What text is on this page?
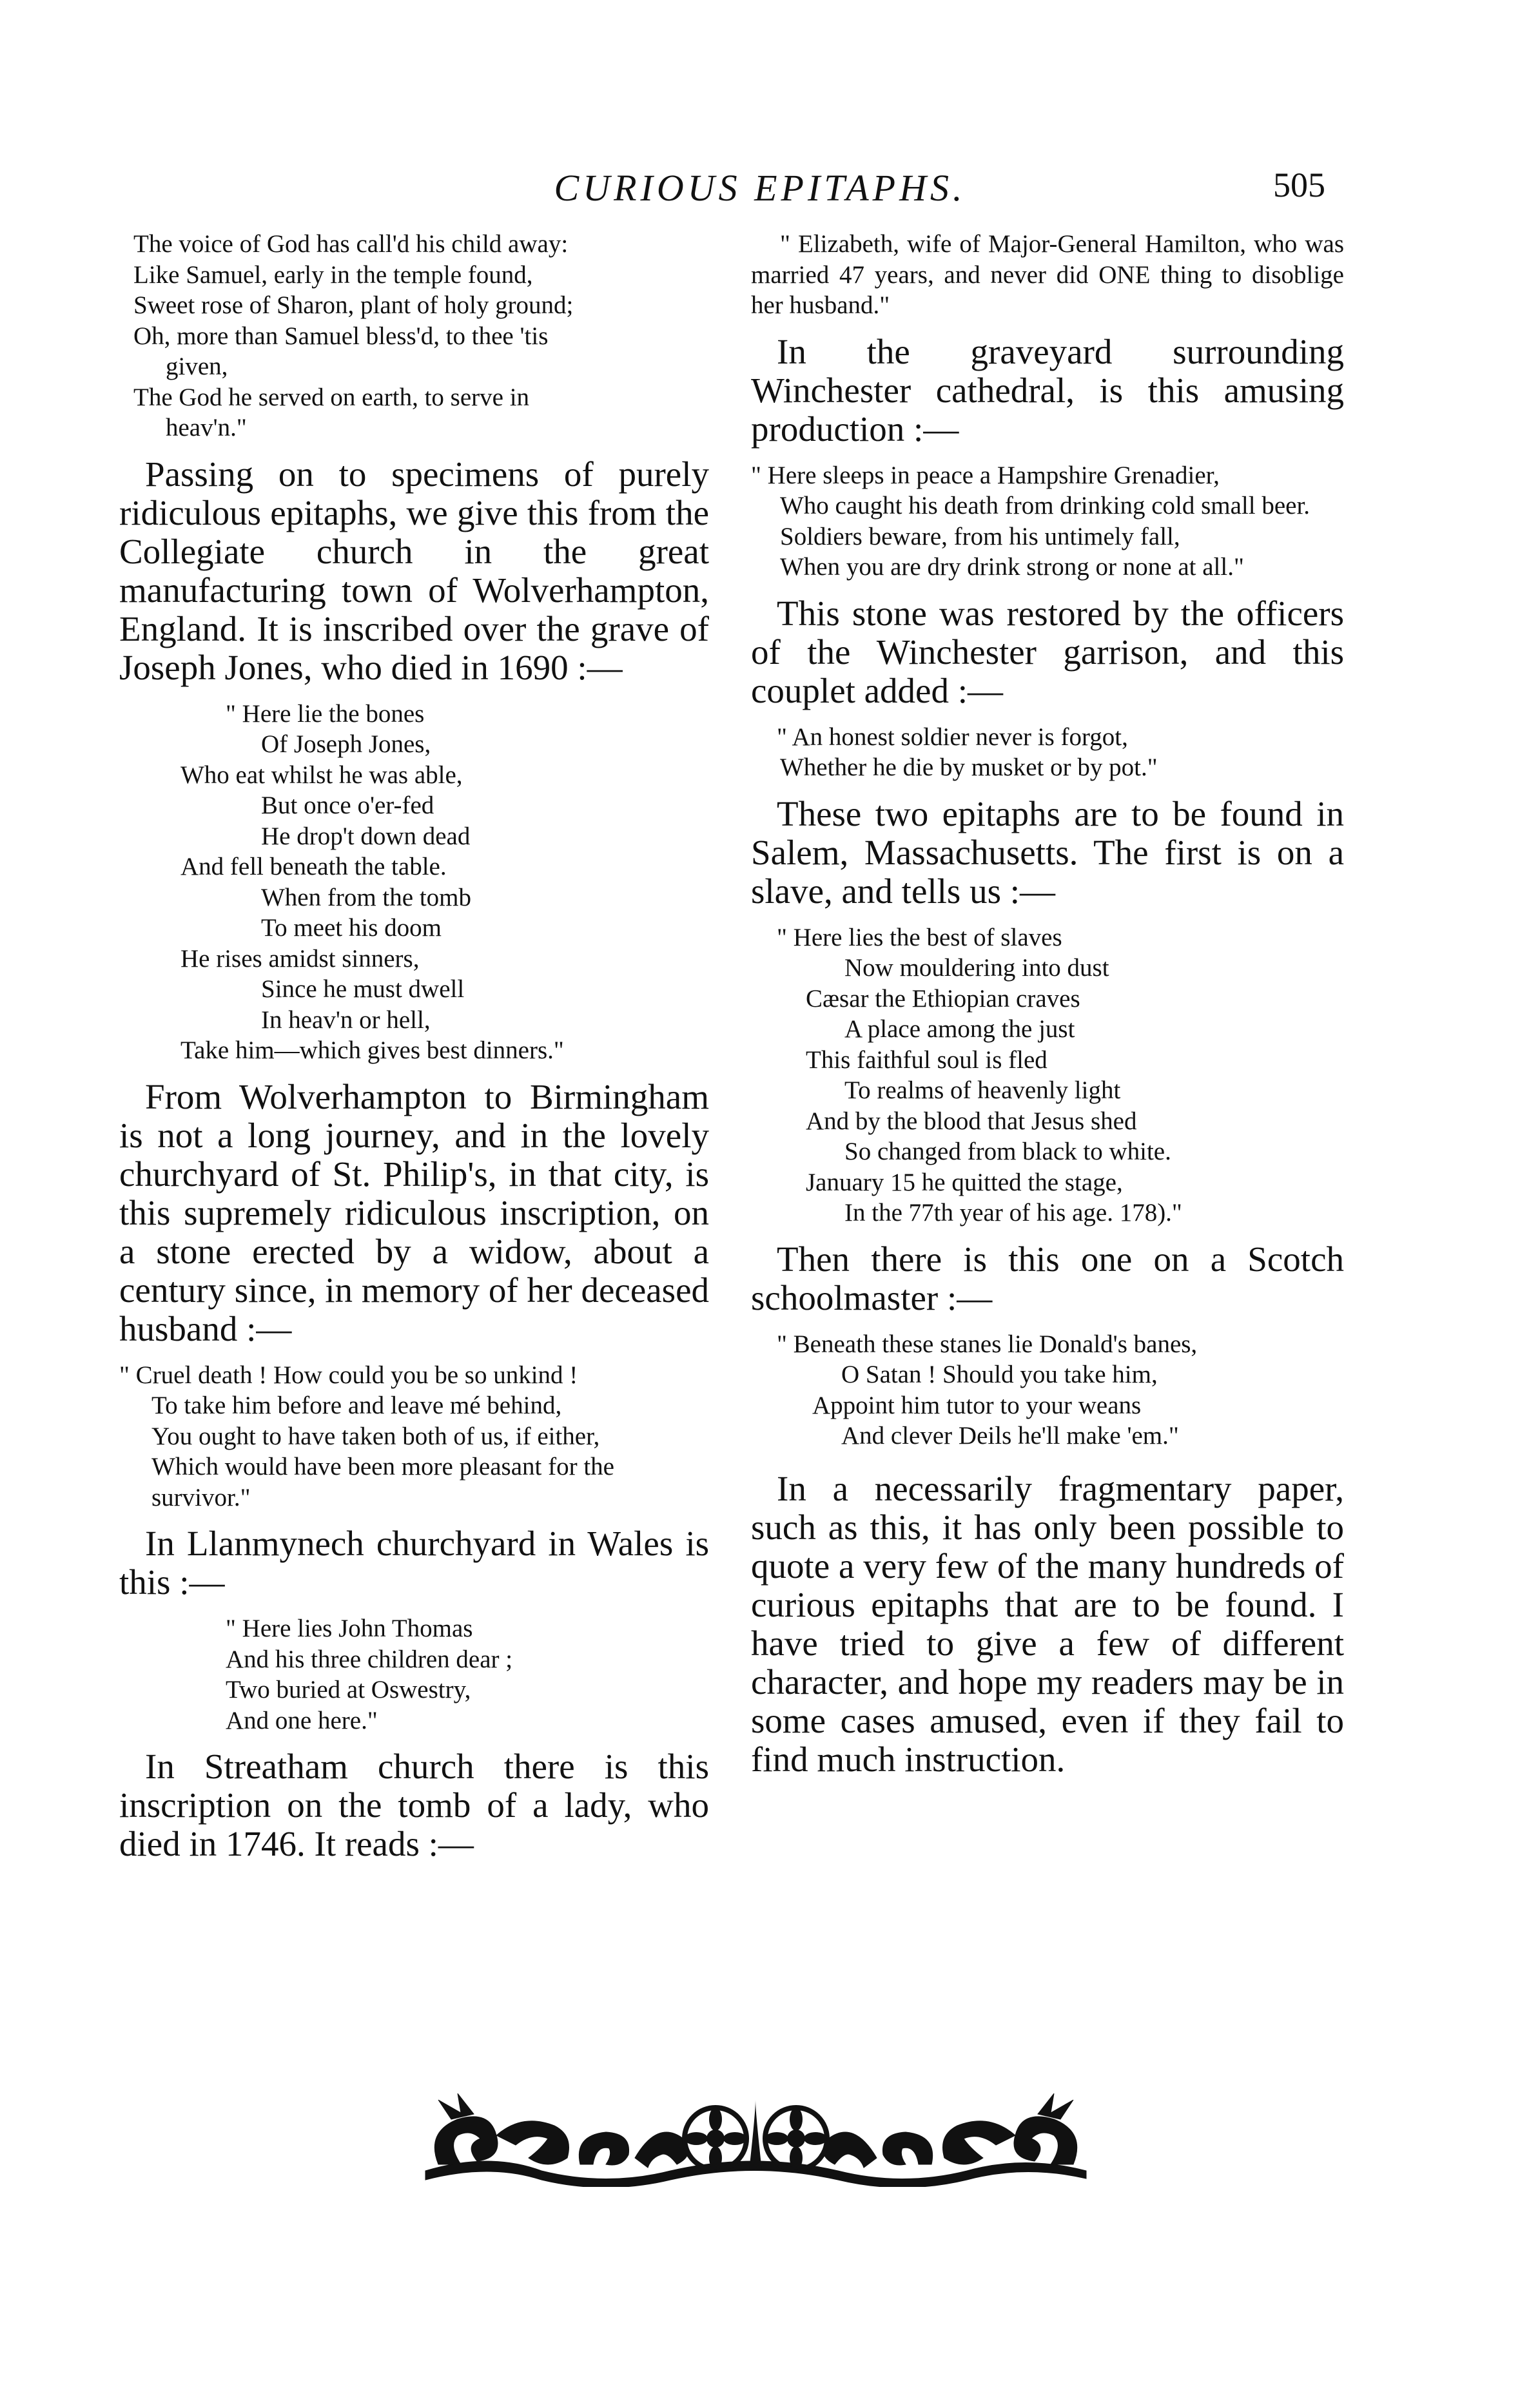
CURIOUS EPITAPHS.	505
The voice of God has call'd his child away:
Like Samuel, early in the temple found,
Sweet rose of Sharon, plant of holy ground;
Oh, more than Samuel bless'd, to thee 'tis
given,
The God he served on earth, to serve in
heav'n."

Passing on to specimens of purely ridiculous epitaphs, we give this from the Collegiate church in the great manufacturing town of Wolverhampton, England. It is inscribed over the grave of Joseph Jones, who died in 1690 :—

" Here lie the bones
Of Joseph Jones,
Who eat whilst he was able,
But once o'er-fed
He drop't down dead
And fell beneath the table.
When from the tomb
To meet his doom
He rises amidst sinners,
Since he must dwell
In heav'n or hell,
Take him—which gives best dinners."

From Wolverhampton to Birmingham is not a long journey, and in the lovely churchyard of St. Philip's, in that city, is this supremely ridiculous inscription, on a stone erected by a widow, about a century since, in memory of her deceased husband :—

" Cruel death ! How could you be so unkind !
To take him before and leave mé behind,
You ought to have taken both of us, if either,
Which would have been more pleasant for the survivor."

In Llanmynech churchyard in Wales is this :—

" Here lies John Thomas
And his three children dear ;
Two buried at Oswestry,
And one here."

In Streatham church there is this inscription on the tomb of a lady, who died in 1746. It reads :—

" Elizabeth, wife of Major-General Hamilton, who was married 47 years, and never did ONE thing to disoblige her husband."

In the graveyard surrounding Winchester cathedral, is this amusing production :—

" Here sleeps in peace a Hampshire Grenadier,
Who caught his death from drinking cold small beer.
Soldiers beware, from his untimely fall,
When you are dry drink strong or none at all."

This stone was restored by the officers of the Winchester garrison, and this couplet added :—

" An honest soldier never is forgot,
Whether he die by musket or by pot."

These two epitaphs are to be found in Salem, Massachusetts. The first is on a slave, and tells us :—

" Here lies the best of slaves
Now mouldering into dust
Cæsar the Ethiopian craves
A place among the just
This faithful soul is fled
To realms of heavenly light
And by the blood that Jesus shed
So changed from black to white.
January 15 he quitted the stage,
In the 77th year of his age. 178)."

Then there is this one on a Scotch schoolmaster :—

" Beneath these stanes lie Donald's banes,
O Satan ! Should you take him,
Appoint him tutor to your weans
And clever Deils he'll make 'em."

In a necessarily fragmentary paper, such as this, it has only been possible to quote a very few of the many hundreds of curious epitaphs that are to be found. I have tried to give a few of different character, and hope my readers may be in some cases amused, even if they fail to find much instruction.
